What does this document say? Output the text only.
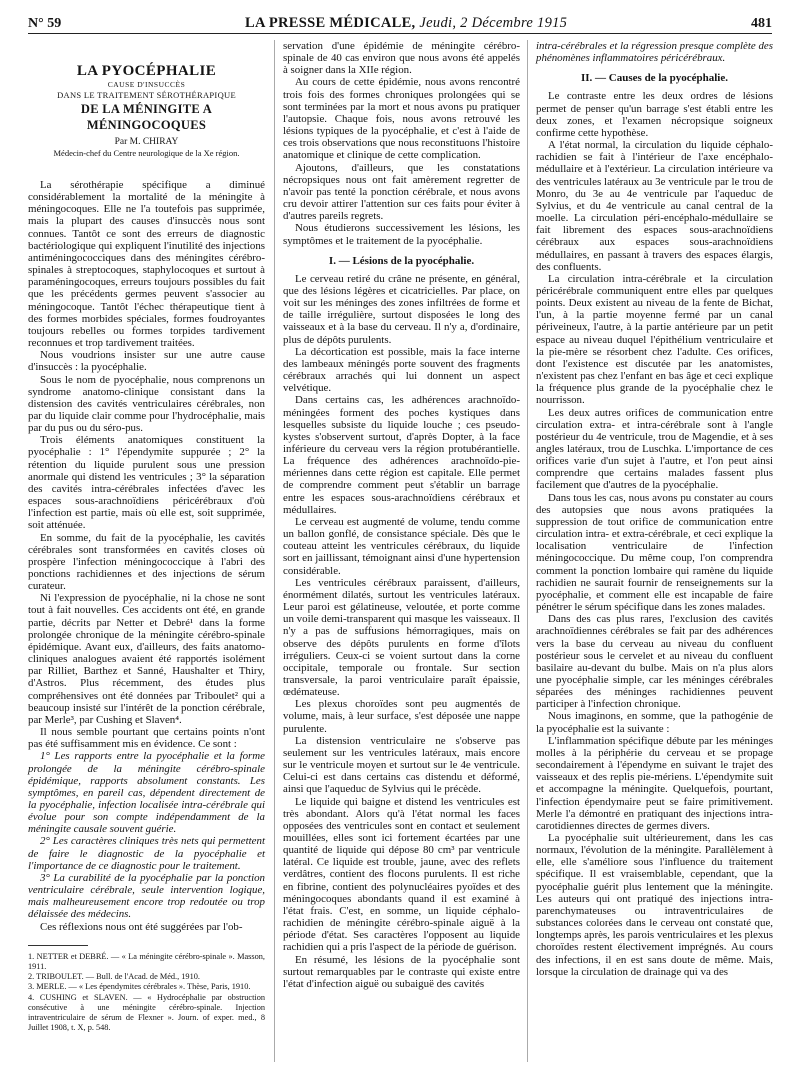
N° 59	LA PRESSE MÉDICALE, Jeudi, 2 Décembre 1915	481
LA PYOCÉPHALIE
CAUSE D'INSUCCÈS
DANS LE TRAITEMENT SÉROTHÉRAPIQUE
DE LA MÉNINGITE A MÉNINGOCOQUES
Par M. CHIRAY
Médecin-chef du Centre neurologique de la Xe région.

La sérothérapie spécifique a diminué considérablement la mortalité de la méningite à méningocoques. Elle ne l'a toutefois pas supprimée, mais la plupart des causes d'insuccès nous sont connues. Tantôt ce sont des erreurs de diagnostic bactériologique qui expliquent l'inutilité des injections antiméningococciques dans des méningites cérébro-spinales à streptocoques, staphylocoques et surtout à paraméningocoques, erreurs toujours possibles du fait que les précédents germes peuvent s'associer au méningocoque. Tantôt l'échec thérapeutique tient à des formes morbides spéciales, formes foudroyantes toujours rebelles ou formes torpides tardivement reconnues et trop tardivement traitées.

Nous voudrions insister sur une autre cause d'insuccès : la pyocéphalie.

Sous le nom de pyocéphalie, nous comprenons un syndrome anatomo-clinique consistant dans la distension des cavités ventriculaires cérébrales, non par du liquide clair comme pour l'hydrocéphalie, mais par du pus ou du séro-pus.

Trois éléments anatomiques constituent la pyocéphalie : 1° l'épendymite suppurée ; 2° la rétention du liquide purulent sous une pression anormale qui distend les ventricules ; 3° la séparation des cavités intra-cérébrales infectées d'avec les espaces sous-arachnoïdiens péricérébraux d'où l'infection est partie, mais où elle est, soit supprimée, soit atténuée.

En somme, du fait de la pyocéphalie, les cavités cérébrales sont transformées en cavités closes où prospère l'infection méningococcique à l'abri des ponctions rachidiennes et des injections de sérum curateur.

Ni l'expression de pyocéphalie, ni la chose ne sont tout à fait nouvelles. Ces accidents ont été, en grande partie, décrits par Netter et Debré¹ dans la forme prolongée chronique de la méningite cérébro-spinale épidémique. Avant eux, d'ailleurs, des faits anatomo-cliniques analogues avaient été rapportés isolément par Rilliet, Barthez et Sanné, Haushalter et Thiry, d'Astros. Plus récemment, des études plus compréhensives ont été données par Triboulet² qui a beaucoup insisté sur l'intérêt de la ponction cérébrale, par Merle³, par Cushing et Slaven⁴.

Il nous semble pourtant que certains points n'ont pas été suffisamment mis en évidence. Ce sont :

1° Les rapports entre la pyocéphalie et la forme prolongée de la méningite cérébro-spinale épidémique, rapports absolument constants. Les symptômes, en pareil cas, dépendent directement de la pyocéphalie, infection localisée intra-cérébrale qui évolue pour son compte indépendamment de la méningite causale souvent guérie.

2° Les caractères cliniques très nets qui permettent de faire le diagnostic de la pyocéphalie et l'importance de ce diagnostic pour le traitement.

3° La curabilité de la pyocéphalie par la ponction ventriculaire cérébrale, seule intervention logique, mais malheureusement encore trop redoutée ou trop délaissée des médecins.

Ces réflexions nous ont été suggérées par l'ob-

1. NETTER et DEBRÉ. — « La méningite cérébro-spinale ». Masson, 1911.

2. TRIBOULET. — Bull. de l'Acad. de Méd., 1910.

3. MERLE. — « Les épendymites cérébrales ». Thèse, Paris, 1910.

4. CUSHING et SLAVEN. — « Hydrocéphalie par obstruction consécutive à une méningite cérébro-spinale. Injection intraventriculaire de sérum de Flexner ». Journ. of exper. med., 8 Juillet 1908, t. X, p. 548.

servation d'une épidémie de méningite cérébro-spinale de 40 cas environ que nous avons été appelés à soigner dans la XIIe région.

Au cours de cette épidémie, nous avons rencontré trois fois des formes chroniques prolongées qui se sont terminées par la mort et nous avons pu pratiquer l'autopsie. Chaque fois, nous avons retrouvé les lésions typiques de la pyocéphalie, et c'est à l'aide de ces trois observations que nous reconstituons l'histoire anatomique et clinique de cette complication.

Ajoutons, d'ailleurs, que les constatations nécropsiques nous ont fait amèrement regretter de n'avoir pas tenté la ponction cérébrale, et nous avons cru devoir attirer l'attention sur ces faits pour éviter à d'autres pareils regrets.

Nous étudierons successivement les lésions, les symptômes et le traitement de la pyocéphalie.

I. — Lésions de la pyocéphalie.

Le cerveau retiré du crâne ne présente, en général, que des lésions légères et cicatricielles. Par place, on voit sur les méninges des zones infiltrées de forme et de taille irrégulière, surtout disposées le long des vaisseaux et à la base du cerveau. Il n'y a, d'ordinaire, plus de dépôts purulents.

La décortication est possible, mais la face interne des lambeaux méningés porte souvent des fragments cérébraux arrachés qui lui donnent un aspect velvétique.

Dans certains cas, les adhérences arachnoïdo-méningées forment des poches kystiques dans lesquelles subsiste du liquide louche ; ces pseudo-kystes s'observent surtout, d'après Dopter, à la face inférieure du cerveau vers la région protubérantielle. La fréquence des adhérences arachnoïdo-pie-mériennes dans cette région est capitale. Elle permet de comprendre comment peut s'établir un barrage entre les espaces sous-arachnoïdiens cérébraux et médullaires.

Le cerveau est augmenté de volume, tendu comme un ballon gonflé, de consistance spéciale. Dès que le couteau atteint les ventricules cérébraux, du liquide sort en jaillissant, témoignant ainsi d'une hypertension considérable.

Les ventricules cérébraux paraissent, d'ailleurs, énormément dilatés, surtout les ventricules latéraux. Leur paroi est gélatineuse, veloutée, et porte comme un voile demi-transparent qui masque les vaisseaux. Il n'y a pas de suffusions hémorragiques, mais on observe des dépôts purulents en forme d'îlots irréguliers. Ceux-ci se voient surtout dans la corne occipitale, temporale ou frontale. Sur section transversale, la paroi ventriculaire paraît épaissie, œdémateuse.

Les plexus choroïdes sont peu augmentés de volume, mais, à leur surface, s'est déposée une nappe purulente.

La distension ventriculaire ne s'observe pas seulement sur les ventricules latéraux, mais encore sur le ventricule moyen et surtout sur le 4e ventricule. Celui-ci est dans certains cas distendu et déformé, ainsi que l'aqueduc de Sylvius qui le précède.

Le liquide qui baigne et distend les ventricules est très abondant. Alors qu'à l'état normal les faces opposées des ventricules sont en contact et seulement mouillées, elles sont ici fortement écartées par une quantité de liquide qui dépose 80 cm³ par ventricule latéral. Ce liquide est trouble, jaune, avec des reflets verdâtres, contient des flocons purulents. Il est riche en fibrine, contient des polynucléaires pyoïdes et des méningocoques abondants quand il est examiné à l'état frais. C'est, en somme, un liquide céphalo-rachidien de méningite cérébro-spinale aiguë à la période d'état. Ses caractères l'opposent au liquide rachidien qui a pris l'aspect de la période de guérison.

En résumé, les lésions de la pyocéphalie sont surtout remarquables par le contraste qui existe entre l'état d'infection aiguë ou subaiguë des cavités

intra-cérébrales et la régression presque complète des phénomènes inflammatoires péricérébraux.

II. — Causes de la pyocéphalie.

Le contraste entre les deux ordres de lésions permet de penser qu'un barrage s'est établi entre les deux zones, et l'examen nécropsique soigneux confirme cette hypothèse.

A l'état normal, la circulation du liquide céphalo-rachidien se fait à l'intérieur de l'axe encéphalo-médullaire et à l'extérieur. La circulation intérieure va des ventricules latéraux au 3e ventricule par le trou de Monro, du 3e au 4e ventricule par l'aqueduc de Sylvius, et du 4e ventricule au canal central de la moelle. La circulation péri-encéphalo-médullaire se fait librement des espaces sous-arachnoïdiens cérébraux aux espaces sous-arachnoïdiens médullaires, en passant à travers des espaces élargis, des confluents.

La circulation intra-cérébrale et la circulation péricérébrale communiquent entre elles par quelques points. Deux existent au niveau de la fente de Bichat, l'un, à la partie moyenne fermé par un canal périveineux, l'autre, à la partie antérieure par un petit espace au niveau duquel l'épithélium ventriculaire et la pie-mère se résorbent chez l'adulte. Ces orifices, dont l'existence est discutée par les anatomistes, n'existent pas chez l'enfant en bas âge et ceci explique la fréquence plus grande de la pyocéphalie chez le nourrisson.

Les deux autres orifices de communication entre circulation extra- et intra-cérébrale sont à l'angle postérieur du 4e ventricule, trou de Magendie, et à ses angles latéraux, trou de Luschka. L'importance de ces orifices varie d'un sujet à l'autre, et l'on peut ainsi comprendre que certains malades fassent plus facilement que d'autres de la pyocéphalie.

Dans tous les cas, nous avons pu constater au cours des autopsies que nous avons pratiquées la suppression de tout orifice de communication entre circulation intra- et extra-cérébrale, et ceci explique la localisation ventriculaire de l'infection méningococcique. Du même coup, l'on comprendra comment la ponction lombaire qui ramène du liquide rachidien ne saurait fournir de renseignements sur la pyocéphalie, et comment elle est incapable de faire pénétrer le sérum spécifique dans les zones malades.

Dans des cas plus rares, l'exclusion des cavités arachnoïdiennes cérébrales se fait par des adhérences vers la base du cerveau au niveau du confluent postérieur sous le cervelet et au niveau du confluent basilaire au-devant du bulbe. Mais on n'a plus alors une pyocéphalie simple, car les méninges cérébrales séparées des méninges rachidiennes peuvent participer à l'infection chronique.

Nous imaginons, en somme, que la pathogénie de la pyocéphalie est la suivante :

L'inflammation spécifique débute par les méninges molles à la périphérie du cerveau et se propage secondairement à l'épendyme en suivant le trajet des vaisseaux et des replis pie-mériens. L'épendymite suit et accompagne la méningite. Quelquefois, pourtant, l'infection épendymaire peut se faire primitivement. Merle l'a démontré en pratiquant des injections intra-carotidiennes directes de germes divers.

La pyocéphalie suit ultérieurement, dans les cas normaux, l'évolution de la méningite. Parallèlement à elle, elle s'améliore sous l'influence du traitement spécifique. Il est vraisemblable, cependant, que la pyocéphalie guérit plus lentement que la méningite. Les auteurs qui ont pratiqué des injections intra-parenchymateuses ou intraventriculaires de substances colorées dans le cerveau ont constaté que, longtemps après, les parois ventriculaires et les plexus choroïdes restent électivement imprégnés. Au cours des infections, il en est sans doute de même. Mais, lorsque la circulation de drainage qui va des
